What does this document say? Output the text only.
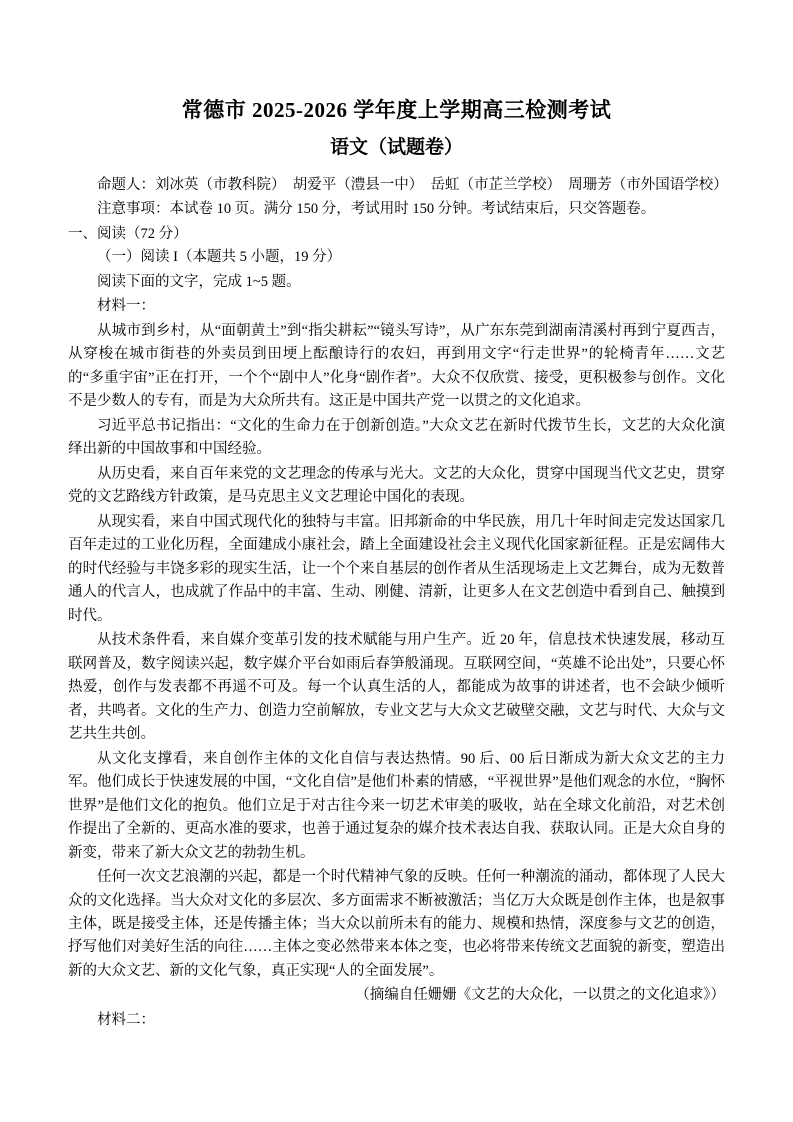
常德市 2025-2026 学年度上学期高三检测考试
语文（试题卷）

命题人：刘冰英（市教科院）　胡爱平（澧县一中）　岳虹（市芷兰学校）　周珊芳（市外国语学校）

注意事项：本试卷 10 页。满分 150 分，考试用时 150 分钟。考试结束后，只交答题卷。

一、阅读（72 分）

（一）阅读 I（本题共 5 小题，19 分）

阅读下面的文字，完成 1~5 题。

材料一：

从城市到乡村，从“面朝黄土”到“指尖耕耘”“镜头写诗”，从广东东莞到湖南清溪村再到宁夏西吉，从穿梭在城市街巷的外卖员到田埂上酝酿诗行的农妇，再到用文字“行走世界”的轮椅青年……文艺的“多重宇宙”正在打开，一个个“剧中人”化身“剧作者”。大众不仅欣赏、接受，更积极参与创作。文化不是少数人的专有，而是为大众所共有。这正是中国共产党一以贯之的文化追求。

习近平总书记指出：“文化的生命力在于创新创造。”大众文艺在新时代拨节生长，文艺的大众化演绎出新的中国故事和中国经验。

从历史看，来自百年来党的文艺理念的传承与光大。文艺的大众化，贯穿中国现当代文艺史，贯穿党的文艺路线方针政策，是马克思主义文艺理论中国化的表现。

从现实看，来自中国式现代化的独特与丰富。旧邦新命的中华民族，用几十年时间走完发达国家几百年走过的工业化历程，全面建成小康社会，踏上全面建设社会主义现代化国家新征程。正是宏阔伟大的时代经验与丰饶多彩的现实生活，让一个个来自基层的创作者从生活现场走上文艺舞台，成为无数普通人的代言人，也成就了作品中的丰富、生动、刚健、清新，让更多人在文艺创造中看到自己、触摸到时代。

从技术条件看，来自媒介变革引发的技术赋能与用户生产。近 20 年，信息技术快速发展，移动互联网普及，数字阅读兴起，数字媒介平台如雨后春笋般涌现。互联网空间，“英雄不论出处”，只要心怀热爱，创作与发表都不再遥不可及。每一个认真生活的人，都能成为故事的讲述者，也不会缺少倾听者，共鸣者。文化的生产力、创造力空前解放，专业文艺与大众文艺破壁交融，文艺与时代、大众与文艺共生共创。

从文化支撑看，来自创作主体的文化自信与表达热情。90 后、00 后日渐成为新大众文艺的主力军。他们成长于快速发展的中国，“文化自信”是他们朴素的情感，“平视世界”是他们观念的水位，“胸怀世界”是他们文化的抱负。他们立足于对古往今来一切艺术审美的吸收，站在全球文化前沿，对艺术创作提出了全新的、更高水准的要求，也善于通过复杂的媒介技术表达自我、获取认同。正是大众自身的新变，带来了新大众文艺的勃勃生机。

任何一次文艺浪潮的兴起，都是一个时代精神气象的反映。任何一种潮流的涌动，都体现了人民大众的文化选择。当大众对文化的多层次、多方面需求不断被激活；当亿万大众既是创作主体，也是叙事主体，既是接受主体，还是传播主体；当大众以前所未有的能力、规模和热情，深度参与文艺的创造，抒写他们对美好生活的向往……主体之变必然带来本体之变，也必将带来传统文艺面貌的新变，塑造出新的大众文艺、新的文化气象，真正实现“人的全面发展”。

（摘编自任姗姗《文艺的大众化，一以贯之的文化追求》）

材料二：
